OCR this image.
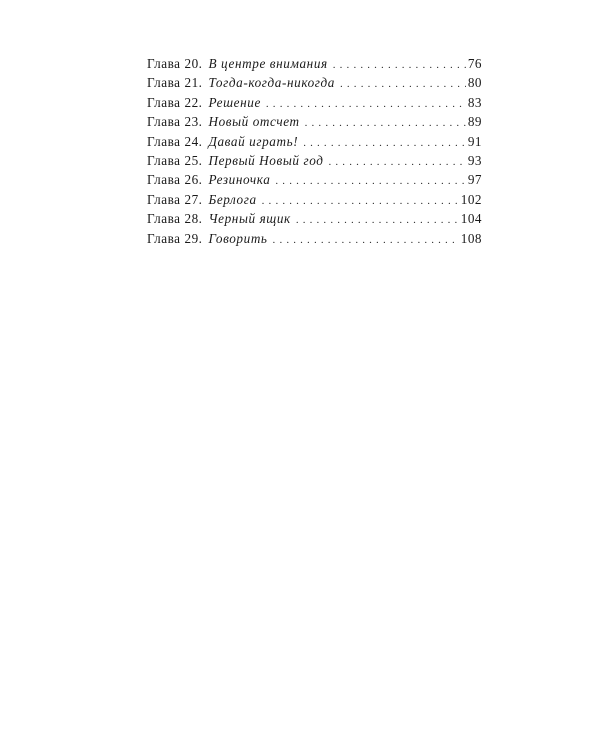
Глава 20. В центре внимания . . .	76
Глава 21. Тогда-когда-никогда . . .	80
Глава 22. Решение . . .	83
Глава 23. Новый отсчет . . .	89
Глава 24. Давай играть! . . .	91
Глава 25. Первый Новый год . . .	93
Глава 26. Резиночка . . .	97
Глава 27. Берлога . . .	102
Глава 28. Черный ящик . . .	104
Глава 29. Говорить . . .	108
